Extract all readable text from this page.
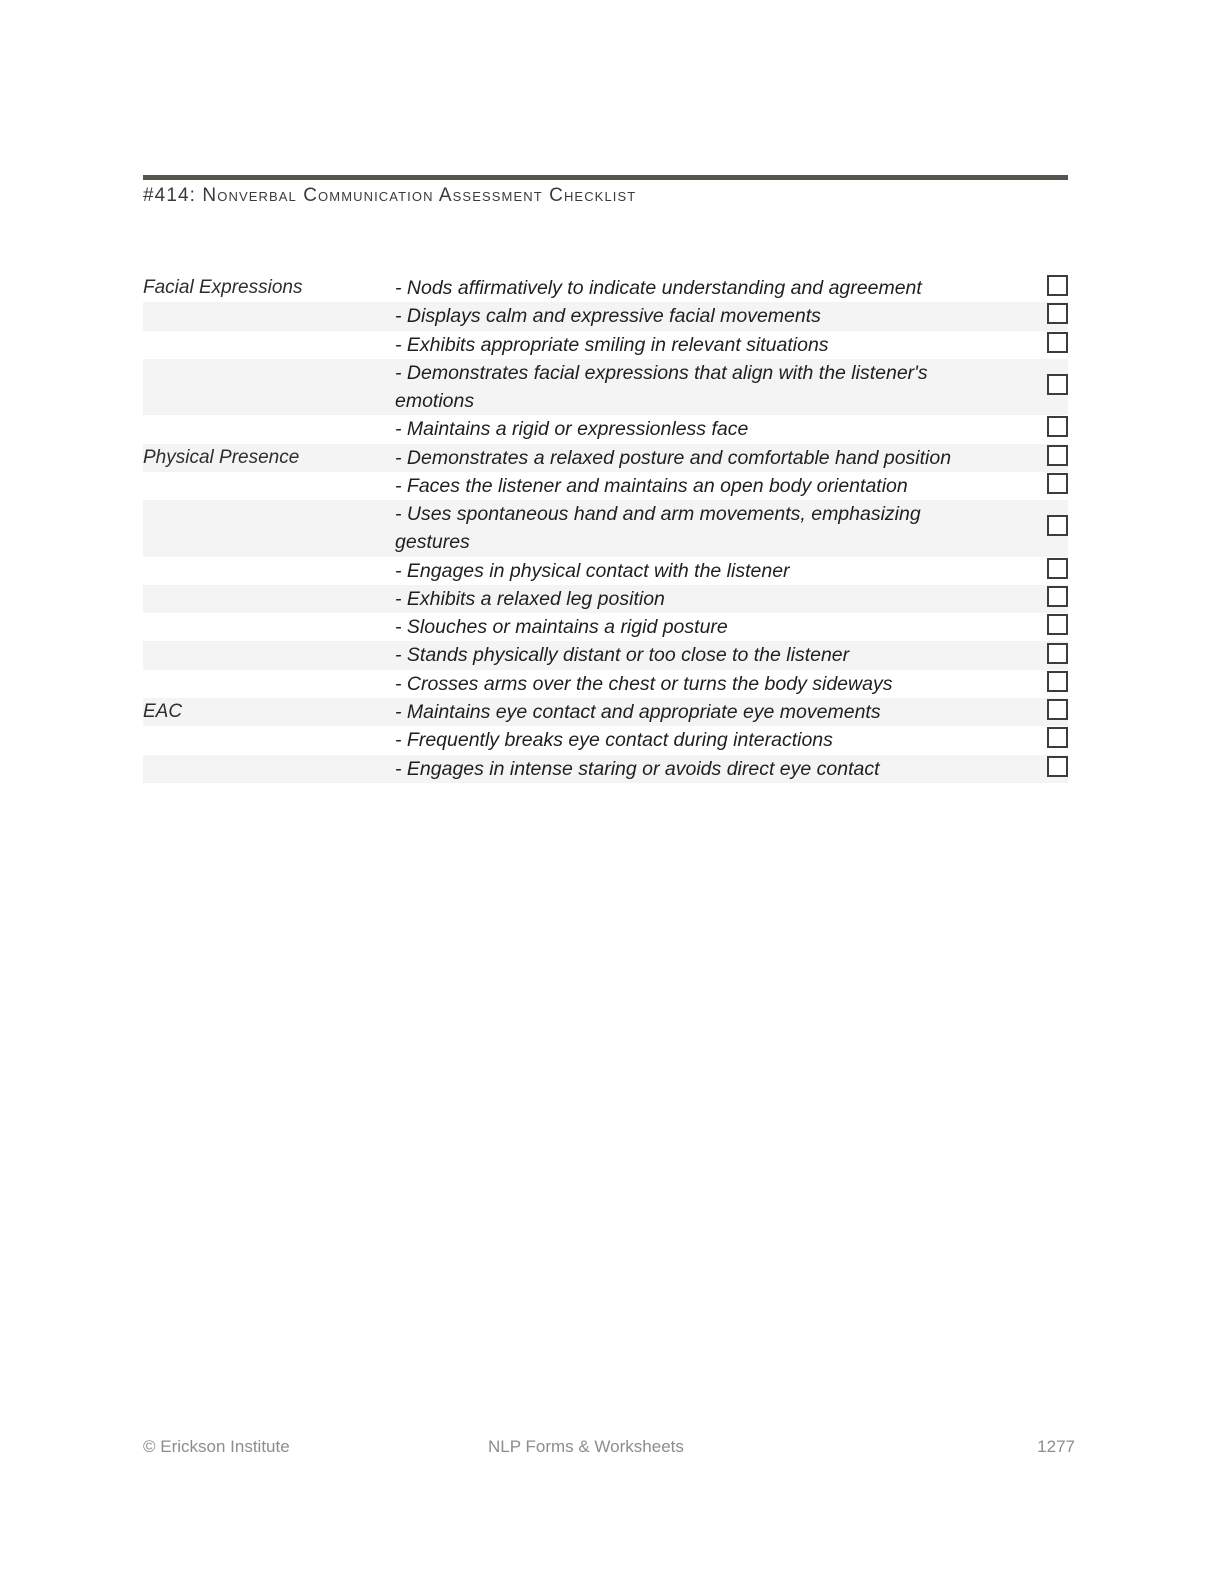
#414: Nonverbal Communication Assessment Checklist
Facial Expressions	- Nods affirmatively to indicate understanding and agreement	
	- Displays calm and expressive facial movements	
	- Exhibits appropriate smiling in relevant situations	
	- Demonstrates facial expressions that align with the listener's emotions	
	- Maintains a rigid or expressionless face	
Physical Presence	- Demonstrates a relaxed posture and comfortable hand position	
	- Faces the listener and maintains an open body orientation	
	- Uses spontaneous hand and arm movements, emphasizing gestures	
	- Engages in physical contact with the listener	
	- Exhibits a relaxed leg position	
	- Slouches or maintains a rigid posture	
	- Stands physically distant or too close to the listener	
	- Crosses arms over the chest or turns the body sideways	
EAC	- Maintains eye contact and appropriate eye movements	
	- Frequently breaks eye contact during interactions	
	- Engages in intense staring or avoids direct eye contact	
© Erickson Institute	NLP Forms & Worksheets	1277
